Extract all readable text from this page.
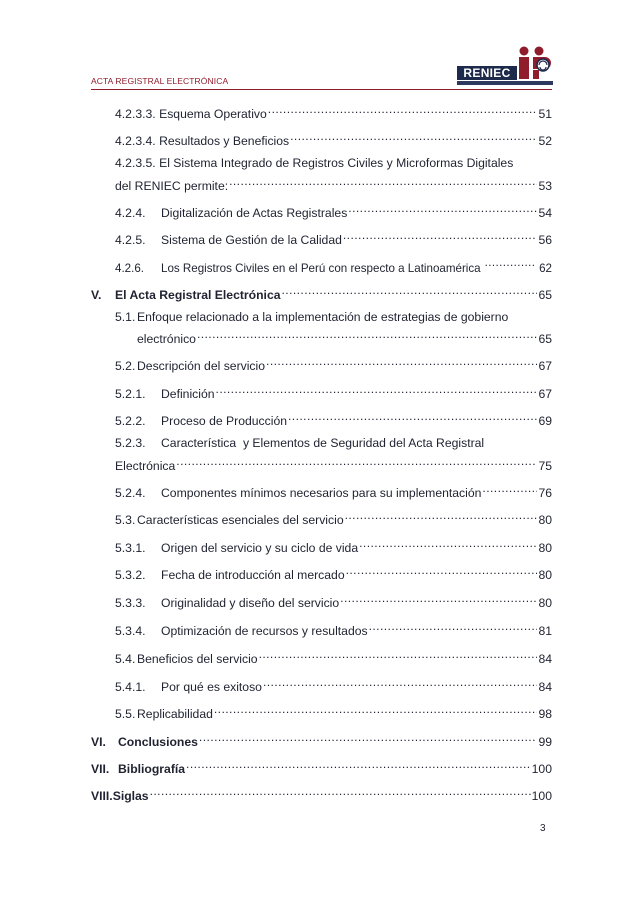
ACTA REGISTRAL ELECTRÓNICA
RENIEC
4.2.3.3.
Esquema Operativo .....	51
4.2.3.4.
Resultados y Beneficios .....	52
4.2.3.5. El Sistema Integrado de Registros Civiles y Microformas Digitales
del RENIEC permite: .....	53
4.2.4.	Digitalización de Actas Registrales .....	54
4.2.5.	Sistema de Gestión de la Calidad .....	56
4.2.6.	Los Registros Civiles en el Perú con respecto a Latinoamérica .....	62
V.	El Acta Registral Electrónica .....	65
5.1. Enfoque relacionado a la implementación de estrategias de gobierno
electrónico .....	65
5.2. Descripción del servicio .....	67
5.2.1.	Definición .....	67
5.2.2.	Proceso de Producción .....	69
5.2.3. Característica  y Elementos de Seguridad del Acta Registral
Electrónica .....	75
5.2.4.	Componentes mínimos necesarios para su implementación .....	76
5.3. Características esenciales del servicio .....	80
5.3.1.	Origen del servicio y su ciclo de vida .....	80
5.3.2.	Fecha de introducción al mercado .....	80
5.3.3.	Originalidad y diseño del servicio .....	80
5.3.4.	Optimización de recursos y resultados .....	81
5.4. Beneficios del servicio .....	84
5.4.1.	Por qué es exitoso .....	84
5.5. Replicabilidad .....	98
VI. Conclusiones .....	99
VII. Bibliografía .....	100
VIII. Siglas .....	100
3
